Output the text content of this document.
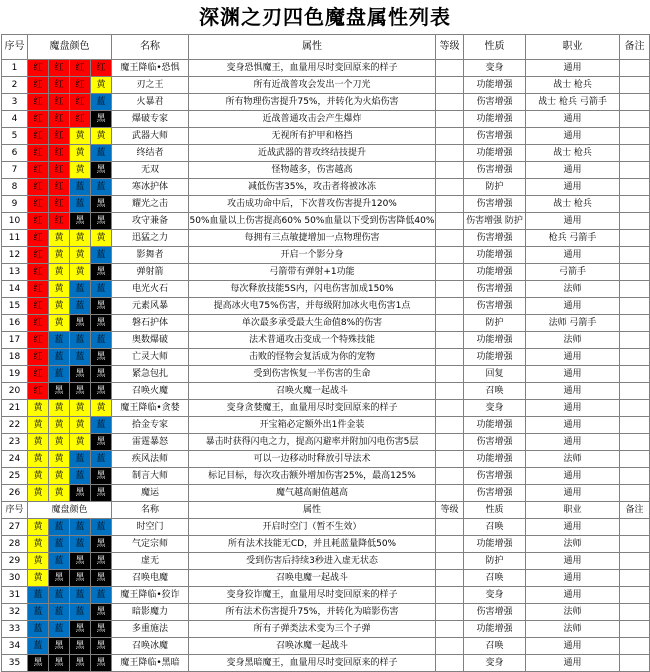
深渊之刃四色魔盘属性列表
序号	魔盘颜色				名称	属性	等级	性质	职业	备注
1	红	红	红	红	魔王降临•恐惧	变身恐惧魔王，血量用尽时变回原来的样子		变身	通用	
2	红	红	红	黄	刃之王	所有近战普攻会发出一个刀光		功能增强	战士 枪兵	
3	红	红	红	蓝	火暴君	所有物理伤害提升75%，并转化为火焰伤害		伤害增强	战士 枪兵 弓箭手	
4	红	红	红	黑	爆破专家	近战普通攻击会产生爆炸		功能增强	通用	
5	红	红	黄	黄	武器大师	无视所有护甲和格挡		伤害增强	通用	
6	红	红	黄	蓝	终结者	近战武器的普攻终结技提升		功能增强	战士 枪兵	
7	红	红	黄	黑	无双	怪物越多，伤害越高		伤害增强	通用	
8	红	红	蓝	蓝	寒冰护体	减低伤害35%，攻击者将被冰冻		防护	通用	
9	红	红	蓝	黑	耀光之击	攻击成功命中后，下次普攻伤害提升120%		伤害增强	战士 枪兵	
10	红	红	黑	黑	攻守兼备	50%血量以上伤害提高60% 50%血量以下受到伤害降低40%		伤害增强 防护	通用	
11	红	黄	黄	黄	迅猛之力	每拥有三点敏捷增加一点物理伤害		伤害增强	枪兵 弓箭手	
12	红	黄	黄	蓝	影舞者	开启一个影分身		功能增强	通用	
13	红	黄	黄	黑	弹射箭	弓箭带有弹射+1功能		功能增强	弓箭手	
14	红	黄	蓝	蓝	电光火石	每次释放技能5S内，闪电伤害加成150%		伤害增强	法师	
15	红	黄	蓝	黑	元素风暴	提高冰火电75%伤害，并每级附加冰火电伤害1点		伤害增强	通用	
16	红	黄	黑	黑	磐石护体	单次最多承受最大生命值8%的伤害		防护	法师 弓箭手	
17	红	蓝	蓝	蓝	奥数爆破	法术普通攻击变成一个特殊技能		功能增强	法师	
18	红	蓝	蓝	黑	亡灵大师	击败的怪物会复活成为你的宠物		功能增强	通用	
19	红	蓝	黑	黑	紧急包扎	受到伤害恢复一半伤害的生命		回复	通用	
20	红	黑	黑	黑	召唤火魔	召唤火魔一起战斗		召唤	通用	
21	黄	黄	黄	黄	魔王降临•贪婪	变身贪婪魔王，血量用尽时变回原来的样子		变身	通用	
22	黄	黄	黄	蓝	拾金专家	开宝箱必定额外出1件金装		功能增强	通用	
23	黄	黄	黄	黑	雷霆暴怒	暴击时获得闪电之力，提高闪避率并附加闪电伤害5层		伤害增强	通用	
24	黄	黄	蓝	蓝	疾风法师	可以一边移动时释放引导法术		功能增强	法师	
25	黄	黄	蓝	黑	制言大师	标记目标，每次攻击额外增加伤害25%，最高125%		伤害增强	通用	
26	黄	黄	黑	黑	魔运	魔气越高耐值越高		伤害增强	通用	
序号	魔盘颜色				名称	属性	等级	性质	职业	备注
27	黄	蓝	蓝	蓝	时空门	开启时空门（暂不生效）		召唤	通用	
28	黄	蓝	蓝	黑	气定宗师	所有法术技能无CD，并且耗蓝量降低50%		功能增强	法师	
29	黄	蓝	黑	黑	虚无	受到伤害后持续3秒进入虚无状态		防护	通用	
30	黄	黑	黑	黑	召唤电魔	召唤电魔一起战斗		召唤	通用	
31	蓝	蓝	蓝	蓝	魔王降临•狡诈	变身狡诈魔王，血量用尽时变回原来的样子		变身	通用	
32	蓝	蓝	蓝	黑	暗影魔力	所有法术伤害提升75%，并转化为暗影伤害		伤害增强	法师	
33	蓝	蓝	黑	黑	多重施法	所有子弹类法术变为三个子弹		功能增强	法师	
34	蓝	黑	黑	黑	召唤冰魔	召唤冰魔一起战斗		召唤	通用	
35	黑	黑	黑	黑	魔王降临•黑暗	变身黑暗魔王，血量用尽时变回原来的样子		变身	通用	
